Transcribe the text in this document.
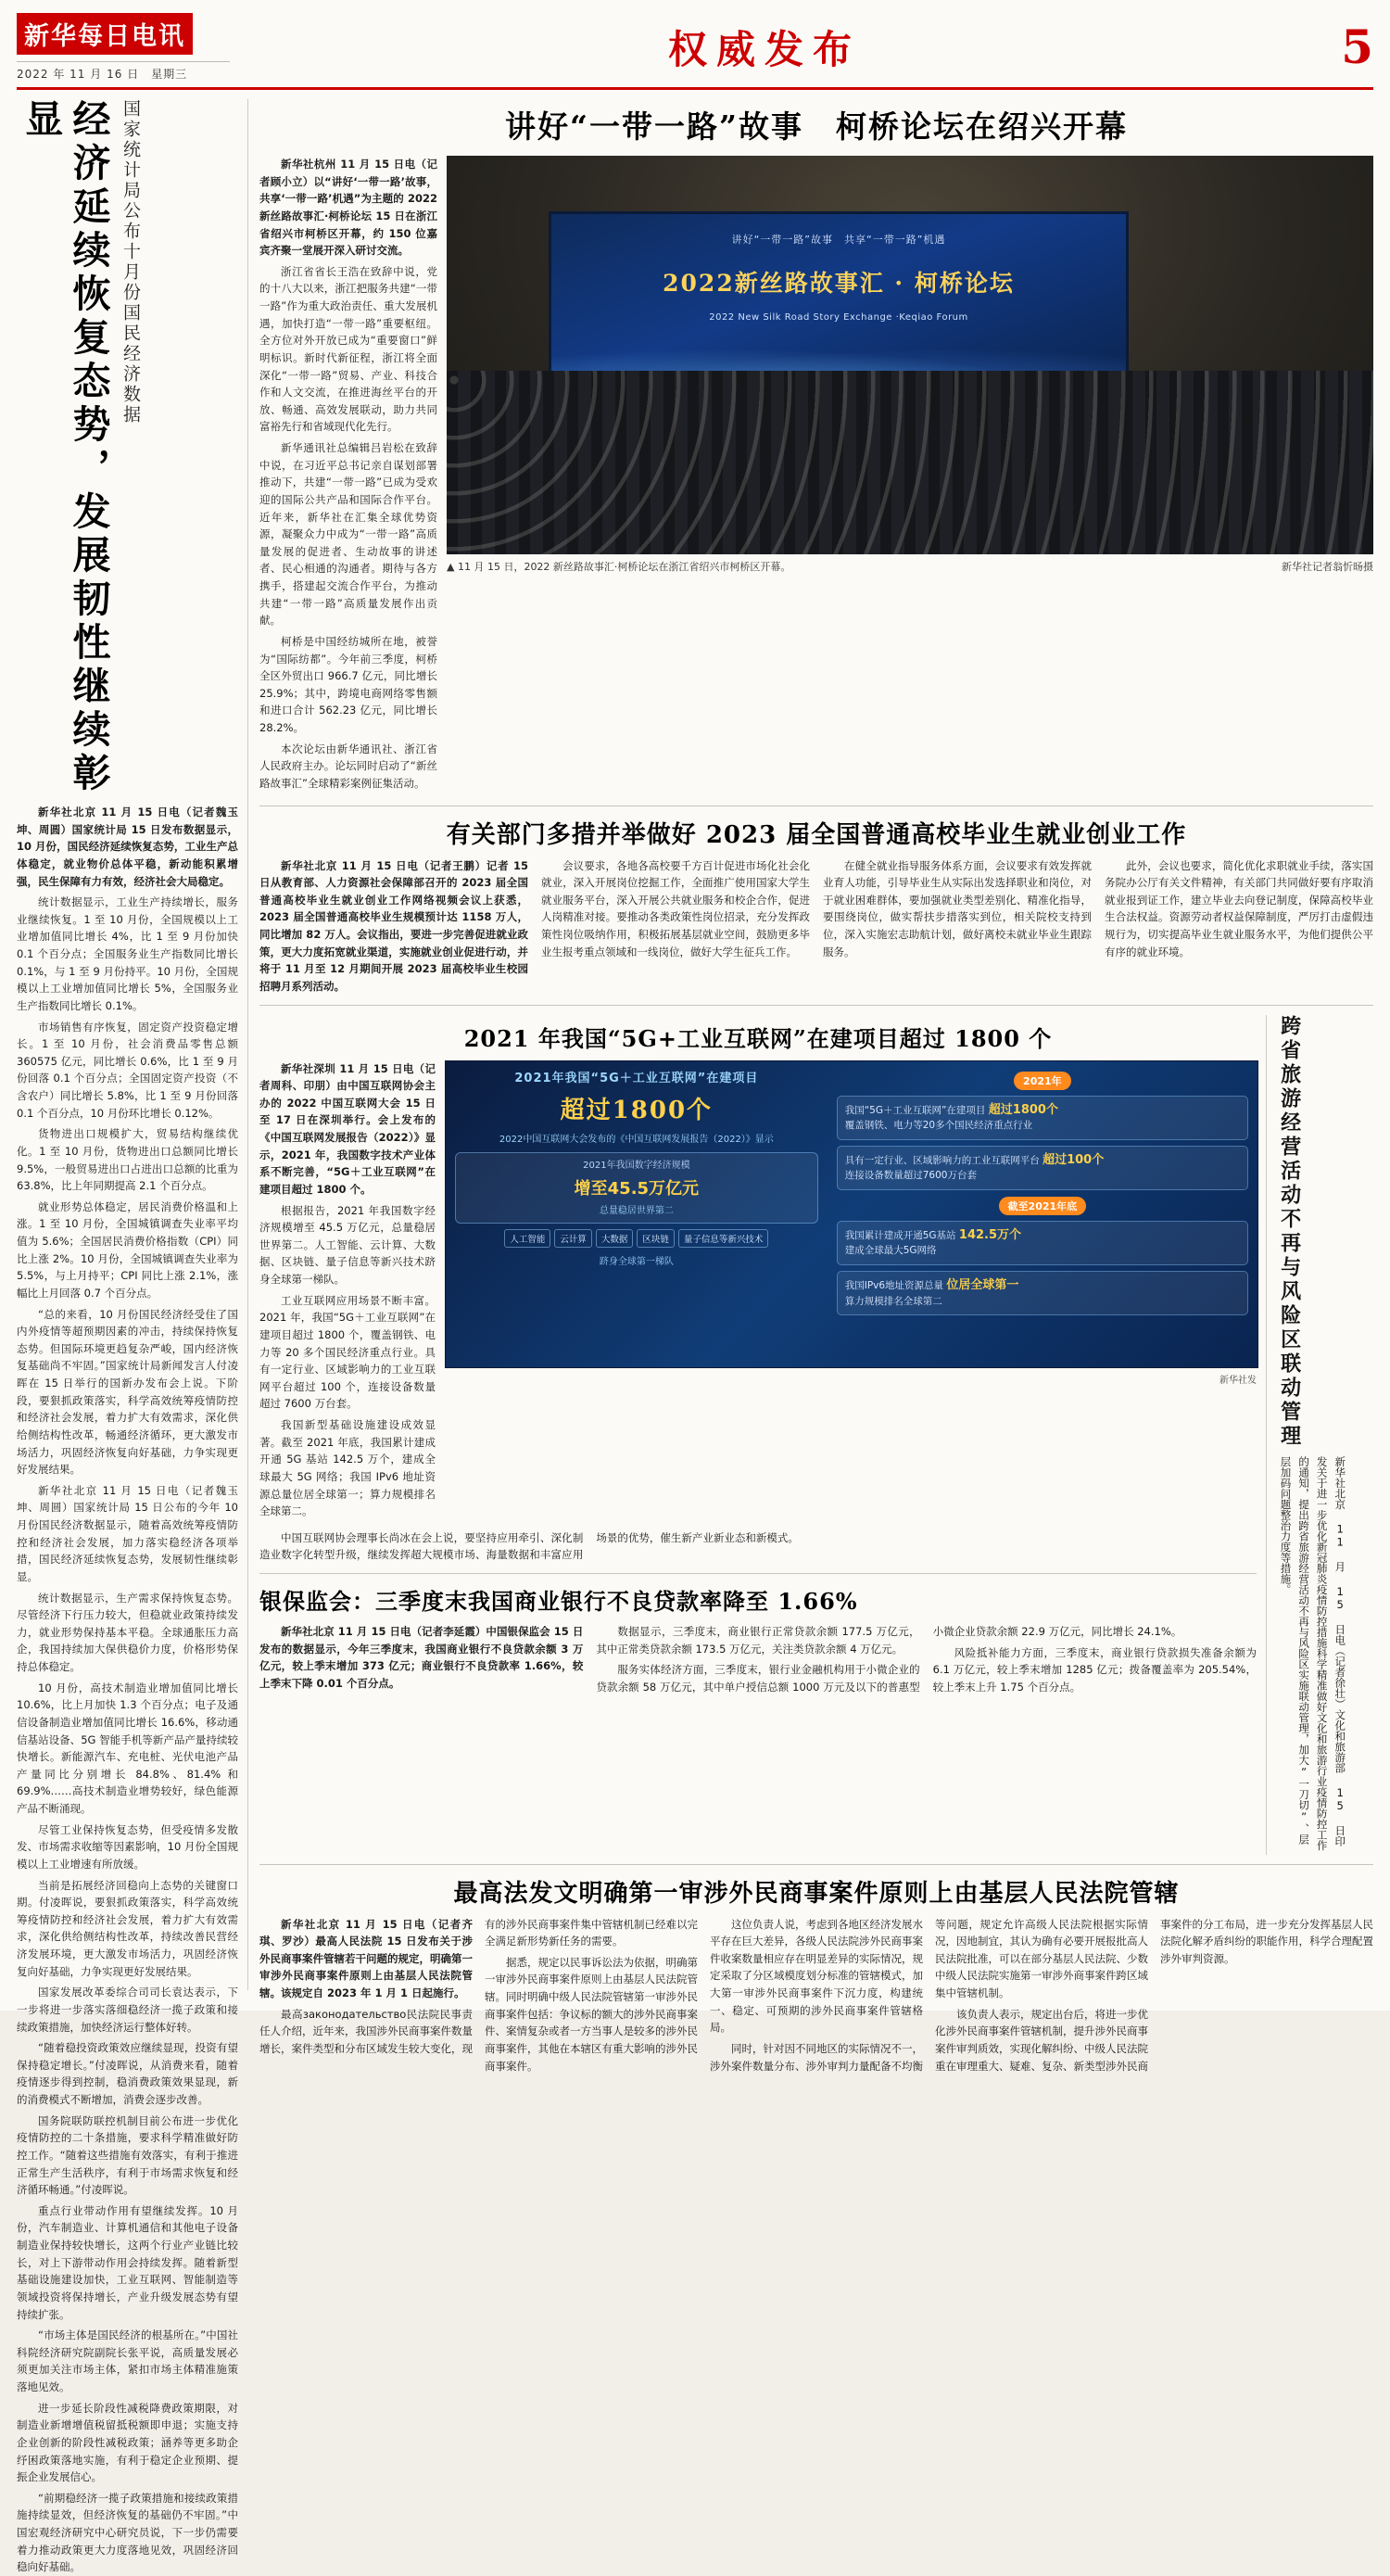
新华每日电讯
2022 年 11 月 16 日　星期三
权威发布	5
经济延续恢复态势，发展韧性继续彰显	国家统计局公布十月份国民经济数据

新华社北京 11 月 15 日电（记者魏玉坤、周圆）国家统计局 15 日发布数据显示，10 月份，国民经济延续恢复态势，工业生产总体稳定，就业物价总体平稳，新动能积累增强，民生保障有力有效，经济社会大局稳定。

统计数据显示，工业生产持续增长，服务业继续恢复。1 至 10 月份，全国规模以上工业增加值同比增长 4%，比 1 至 9 月份加快 0.1 个百分点；全国服务业生产指数同比增长 0.1%，与 1 至 9 月份持平。10 月份，全国规模以上工业增加值同比增长 5%，全国服务业生产指数同比增长 0.1%。

市场销售有序恢复，固定资产投资稳定增长。1 至 10 月份，社会消费品零售总额 360575 亿元，同比增长 0.6%，比 1 至 9 月份回落 0.1 个百分点；全国固定资产投资（不含农户）同比增长 5.8%，比 1 至 9 月份回落 0.1 个百分点，10 月份环比增长 0.12%。

货物进出口规模扩大，贸易结构继续优化。1 至 10 月份，货物进出口总额同比增长 9.5%，一般贸易进出口占进出口总额的比重为 63.8%，比上年同期提高 2.1 个百分点。

就业形势总体稳定，居民消费价格温和上涨。1 至 10 月份，全国城镇调查失业率平均值为 5.6%；全国居民消费价格指数（CPI）同比上涨 2%。10 月份，全国城镇调查失业率为 5.5%，与上月持平；CPI 同比上涨 2.1%，涨幅比上月回落 0.7 个百分点。

“总的来看，10 月份国民经济经受住了国内外疫情等超预期因素的冲击，持续保持恢复态势。但国际环境更趋复杂严峻，国内经济恢复基础尚不牢固。”国家统计局新闻发言人付凌晖在 15 日举行的国新办发布会上说。下阶段，要狠抓政策落实，科学高效统筹疫情防控和经济社会发展，着力扩大有效需求，深化供给侧结构性改革，畅通经济循环，更大激发市场活力，巩固经济恢复向好基础，力争实现更好发展结果。

新华社北京 11 月 15 日电（记者魏玉坤、周圆）国家统计局 15 日公布的今年 10 月份国民经济数据显示，随着高效统筹疫情防控和经济社会发展，加力落实稳经济各项举措，国民经济延续恢复态势，发展韧性继续彰显。

统计数据显示，生产需求保持恢复态势。尽管经济下行压力较大，但稳就业政策持续发力，就业形势保持基本平稳。全球通胀压力高企，我国持续加大保供稳价力度，价格形势保持总体稳定。

10 月份，高技术制造业增加值同比增长 10.6%，比上月加快 1.3 个百分点；电子及通信设备制造业增加值同比增长 16.6%，移动通信基站设备、5G 智能手机等新产品产量持续较快增长。新能源汽车、充电桩、光伏电池产品产量同比分别增长 84.8%、81.4% 和 69.9%……高技术制造业增势较好，绿色能源产品不断涌现。

尽管工业保持恢复态势，但受疫情多发散发、市场需求收缩等因素影响，10 月份全国规模以上工业增速有所放缓。

当前是拓展经济回稳向上态势的关键窗口期。付凌晖说，要狠抓政策落实，科学高效统筹疫情防控和经济社会发展，着力扩大有效需求，深化供给侧结构性改革，持续改善民营经济发展环境，更大激发市场活力，巩固经济恢复向好基础，力争实现更好发展结果。

国家发展改革委综合司司长袁达表示，下一步将进一步落实落细稳经济一揽子政策和接续政策措施，加快经济运行整体好转。

“随着稳投资政策效应继续显现，投资有望保持稳定增长。”付凌晖说，从消费来看，随着疫情逐步得到控制，稳消费政策效果显现，新的消费模式不断增加，消费会逐步改善。

国务院联防联控机制目前公布进一步优化疫情防控的二十条措施，要求科学精准做好防控工作。“随着这些措施有效落实，有利于推进正常生产生活秩序，有利于市场需求恢复和经济循环畅通。”付凌晖说。

重点行业带动作用有望继续发挥。10 月份，汽车制造业、计算机通信和其他电子设备制造业保持较快增长，这两个行业产业链比较长，对上下游带动作用会持续发挥。随着新型基础设施建设加快，工业互联网、智能制造等领域投资将保持增长，产业升级发展态势有望持续扩张。

“市场主体是国民经济的根基所在。”中国社科院经济研究院副院长张平说，高质量发展必须更加关注市场主体，紧扣市场主体精准施策落地见效。

进一步延长阶段性减税降费政策期限，对制造业新增增值税留抵税额即申退；实施支持企业创新的阶段性减税政策；涵养等更多助企纾困政策落地实施，有利于稳定企业预期、提振企业发展信心。

“前期稳经济一揽子政策措施和接续政策措施持续显效，但经济恢复的基础仍不牢固。”中国宏观经济研究中心研究员说，下一步仍需要着力推动政策更大力度落地见效，巩固经济回稳向好基础。

讲好“一带一路”故事　柯桥论坛在绍兴开幕

新华社杭州 11 月 15 日电（记者顾小立）以“讲好‘一带一路’故事，共享‘一带一路’机遇”为主题的 2022 新丝路故事汇·柯桥论坛 15 日在浙江省绍兴市柯桥区开幕，约 150 位嘉宾齐聚一堂展开深入研讨交流。

浙江省省长王浩在致辞中说，党的十八大以来，浙江把服务共建“一带一路”作为重大政治责任、重大发展机遇，加快打造“一带一路”重要枢纽。全方位对外开放已成为“重要窗口”鲜明标识。新时代新征程，浙江将全面深化“一带一路”贸易、产业、科技合作和人文交流，在推进海丝平台的开放、畅通、高效发展联动，助力共同富裕先行和省域现代化先行。

新华通讯社总编辑吕岩松在致辞中说，在习近平总书记亲自谋划部署推动下，共建“一带一路”已成为受欢迎的国际公共产品和国际合作平台。近年来，新华社在汇集全球优势资源，凝聚众力中成为“一带一路”高质量发展的促进者、生动故事的讲述者、民心相通的沟通者。期待与各方携手，搭建起交流合作平台，为推动共建“一带一路”高质量发展作出贡献。

柯桥是中国经纺城所在地，被誉为“国际纺都”。今年前三季度，柯桥全区外贸出口 966.7 亿元，同比增长 25.9%；其中，跨境电商网络零售额和进口合计 562.23 亿元，同比增长 28.2%。

本次论坛由新华通讯社、浙江省人民政府主办。论坛同时启动了“新丝路故事汇”全球精彩案例征集活动。

讲好“一带一路”故事　共享“一带一路”机遇
2022新丝路故事汇 · 柯桥论坛
2022 New Silk Road Story Exchange ·Keqiao Forum
▲ 11 月 15 日，2022 新丝路故事汇·柯桥论坛在浙江省绍兴市柯桥区开幕。	新华社记者翁忻旸摄
有关部门多措并举做好 2023 届全国普通高校毕业生就业创业工作

新华社北京 11 月 15 日电（记者王鹏）记者 15 日从教育部、人力资源社会保障部召开的 2023 届全国普通高校毕业生就业创业工作网络视频会议上获悉，2023 届全国普通高校毕业生规模预计达 1158 万人，同比增加 82 万人。会议指出，要进一步完善促进就业政策，更大力度拓宽就业渠道，实施就业创业促进行动，并将于 11 月至 12 月期间开展 2023 届高校毕业生校园招聘月系列活动。

会议要求，各地各高校要千方百计促进市场化社会化就业，深入开展岗位挖掘工作，全面推广使用国家大学生就业服务平台，深入开展公共就业服务和校企合作，促进人岗精准对接。要推动各类政策性岗位招录，充分发挥政策性岗位吸纳作用，积极拓展基层就业空间，鼓励更多毕业生报考重点领域和一线岗位，做好大学生征兵工作。

在健全就业指导服务体系方面，会议要求有效发挥就业育人功能，引导毕业生从实际出发选择职业和岗位，对于就业困难群体，要加强就业类型差别化、精准化指导，要围绕岗位，做实帮扶步措落实到位，相关院校支持到位，深入实施宏志助航计划，做好离校未就业毕业生跟踪服务。

此外，会议也要求，简化优化求职就业手续，落实国务院办公厅有关文件精神，有关部门共同做好要有序取消就业报到证工作，建立毕业去向登记制度，保障高校毕业生合法权益。资源劳动者权益保障制度，严厉打击虚假违规行为，切实提高毕业生就业服务水平，为他们提供公平有序的就业环境。

2021 年我国“5G+工业互联网”在建项目超过 1800 个

新华社深圳 11 月 15 日电（记者周科、印朋）由中国互联网协会主办的 2022 中国互联网大会 15 日至 17 日在深圳举行。会上发布的《中国互联网发展报告（2022）》显示，2021 年，我国数字技术产业体系不断完善，“5G＋工业互联网”在建项目超过 1800 个。

根据报告，2021 年我国数字经济规模增至 45.5 万亿元，总量稳居世界第二。人工智能、云计算、大数据、区块链、量子信息等新兴技术跻身全球第一梯队。

工业互联网应用场景不断丰富。2021 年，我国“5G＋工业互联网”在建项目超过 1800 个，覆盖钢铁、电力等 20 多个国民经济重点行业。具有一定行业、区域影响力的工业互联网平台超过 100 个，连接设备数量超过 7600 万台套。

我国新型基础设施建设成效显著。截至 2021 年底，我国累计建成开通 5G 基站 142.5 万个，建成全球最大 5G 网络；我国 IPv6 地址资源总量位居全球第一；算力规模排名全球第二。

2021年我国“5G＋工业互联网”在建项目
超过1800个
2022中国互联网大会发布的《中国互联网发展报告（2022）》显示
2021年我国数字经济规模
增至45.5万亿元
总量稳居世界第二
人工智能	云计算	大数据	区块链	量子信息等新兴技术
跻身全球第一梯队
2021年
我国“5G＋工业互联网”在建项目 超过1800个
覆盖钢铁、电力等20多个国民经济重点行业
具有一定行业、区域影响力的工业互联网平台 超过100个
连接设备数量超过7600万台套
截至2021年底
我国累计建成开通5G基站 142.5万个
建成全球最大5G网络
我国IPv6地址资源总量 位居全球第一
算力规模排名全球第二
新华社发

中国互联网协会理事长尚冰在会上说，要坚持应用牵引、深化制造业数字化转型升级，继续发挥超大规模市场、海量数据和丰富应用场景的优势，催生新产业新业态和新模式。

银保监会：三季度末我国商业银行不良贷款率降至 1.66%

新华社北京 11 月 15 日电（记者李延霞）中国银保监会 15 日发布的数据显示，今年三季度末，我国商业银行不良贷款余额 3 万亿元，较上季末增加 373 亿元；商业银行不良贷款率 1.66%，较上季末下降 0.01 个百分点。

数据显示，三季度末，商业银行正常贷款余额 177.5 万亿元，其中正常类贷款余额 173.5 万亿元，关注类贷款余额 4 万亿元。

服务实体经济方面，三季度末，银行业金融机构用于小微企业的贷款余额 58 万亿元，其中单户授信总额 1000 万元及以下的普惠型小微企业贷款余额 22.9 万亿元，同比增长 24.1%。

风险抵补能力方面，三季度末，商业银行贷款损失准备余额为 6.1 万亿元，较上季末增加 1285 亿元；拨备覆盖率为 205.54%，较上季末上升 1.75 个百分点。

跨省旅游经营活动不再与风险区联动管理
新华社北京 11 月 15 日电（记者徐壮）文化和旅游部 15 日印发关于进一步优化新冠肺炎疫情防控措施科学精准做好文化和旅游行业疫情防控工作的通知，提出跨省旅游经营活动不再与风险区实施联动管理，加大“一刀切”、层层加码问题整治力度等措施。
最高法发文明确第一审涉外民商事案件原则上由基层人民法院管辖

新华社北京 11 月 15 日电（记者齐琪、罗沙）最高人民法院 15 日发布关于涉外民商事案件管辖若干问题的规定，明确第一审涉外民商事案件原则上由基层人民法院管辖。该规定自 2023 年 1 月 1 日起施行。

最高законодательство民法院民事责任人介绍，近年来，我国涉外民商事案件数量增长，案件类型和分布区域发生较大变化，现有的涉外民商事案件集中管辖机制已经难以完全满足新形势新任务的需要。

据悉，规定以民事诉讼法为依据，明确第一审涉外民商事案件原则上由基层人民法院管辖。同时明确中级人民法院管辖第一审涉外民商事案件包括：争议标的额大的涉外民商事案件、案情复杂或者一方当事人是较多的涉外民商事案件，其他在本辖区有重大影响的涉外民商事案件。

这位负责人说，考虑到各地区经济发展水平存在巨大差异，各级人民法院涉外民商事案件收案数量相应存在明显差异的实际情况，规定采取了分区域模度划分标准的管辖模式，加大第一审涉外民商事案件下沉力度，构建统一、稳定、可预期的涉外民商事案件管辖格局。

同时，针对因不同地区的实际情况不一，涉外案件数量分布、涉外审判力量配备不均衡等问题，规定允许高级人民法院根据实际情况，因地制宜，其认为确有必要开展报批高人民法院批准，可以在部分基层人民法院、少数中级人民法院实施第一审涉外商事案件跨区域集中管辖机制。

该负责人表示，规定出台后，将进一步优化涉外民商事案件管辖机制，提升涉外民商事案件审判质效，实现化解纠纷、中级人民法院重在审理重大、疑难、复杂、新类型涉外民商事案件的分工布局，进一步充分发挥基层人民法院化解矛盾纠纷的职能作用，科学合理配置涉外审判资源。
